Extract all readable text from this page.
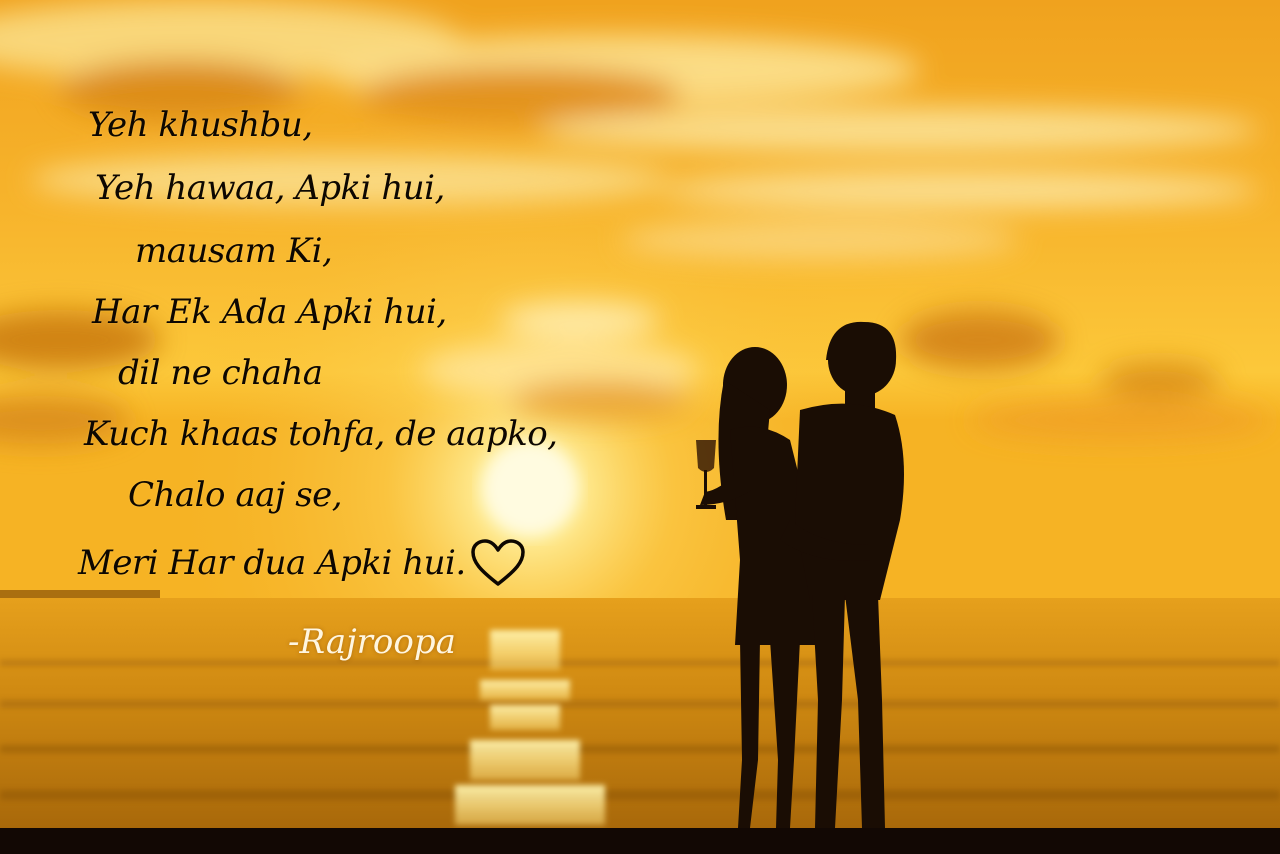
Yeh khushbu,
Yeh hawaa, Apki hui,
mausam Ki,
Har Ek Ada Apki hui,
dil ne chaha
Kuch khaas tohfa, de aapko,
Chalo aaj se,
Meri Har dua Apki hui.
-Rajroopa
